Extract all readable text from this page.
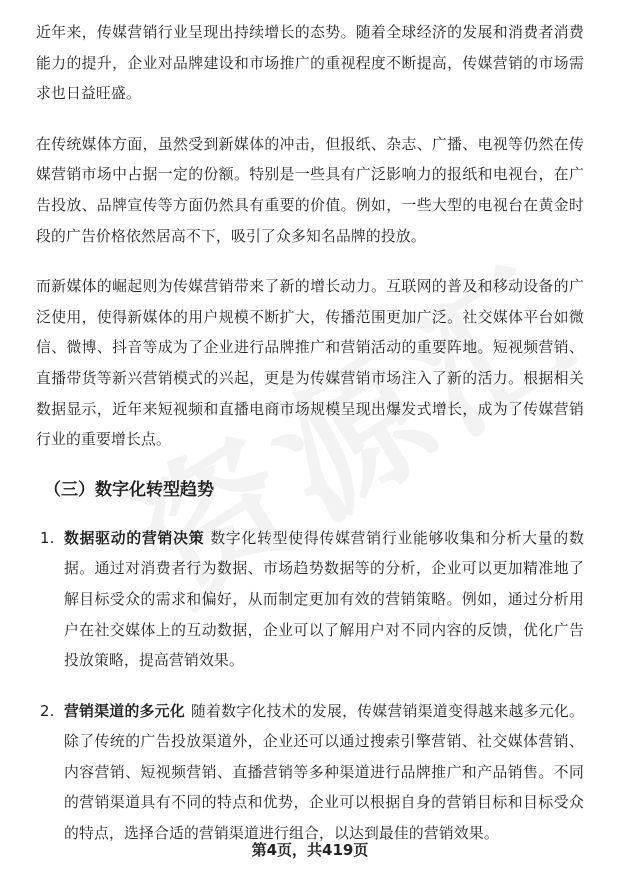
近年来，传媒营销行业呈现出持续增长的态势。随着全球经济的发展和消费者消费能力的提升，企业对品牌建设和市场推广的重视程度不断提高，传媒营销的市场需求也日益旺盛。

在传统媒体方面，虽然受到新媒体的冲击，但报纸、杂志、广播、电视等仍然在传媒营销市场中占据一定的份额。特别是一些具有广泛影响力的报纸和电视台，在广告投放、品牌宣传等方面仍然具有重要的价值。例如，一些大型的电视台在黄金时段的广告价格依然居高不下，吸引了众多知名品牌的投放。

而新媒体的崛起则为传媒营销带来了新的增长动力。互联网的普及和移动设备的广泛使用，使得新媒体的用户规模不断扩大，传播范围更加广泛。社交媒体平台如微信、微博、抖音等成为了企业进行品牌推广和营销活动的重要阵地。短视频营销、直播带货等新兴营销模式的兴起，更是为传媒营销市场注入了新的活力。根据相关数据显示，近年来短视频和直播电商市场规模呈现出爆发式增长，成为了传媒营销行业的重要增长点。

（三）数字化转型趋势
1. 数据驱动的营销决策 数字化转型使得传媒营销行业能够收集和分析大量的数据。通过对消费者行为数据、市场趋势数据等的分析，企业可以更加精准地了解目标受众的需求和偏好，从而制定更加有效的营销策略。例如，通过分析用户在社交媒体上的互动数据，企业可以了解用户对不同内容的反馈，优化广告投放策略，提高营销效果。
2. 营销渠道的多元化 随着数字化技术的发展，传媒营销渠道变得越来越多元化。除了传统的广告投放渠道外，企业还可以通过搜索引擎营销、社交媒体营销、内容营销、短视频营销、直播营销等多种渠道进行品牌推广和产品销售。不同的营销渠道具有不同的特点和优势，企业可以根据自身的营销目标和目标受众的特点，选择合适的营销渠道进行组合，以达到最佳的营销效果。
第4页，共419页
